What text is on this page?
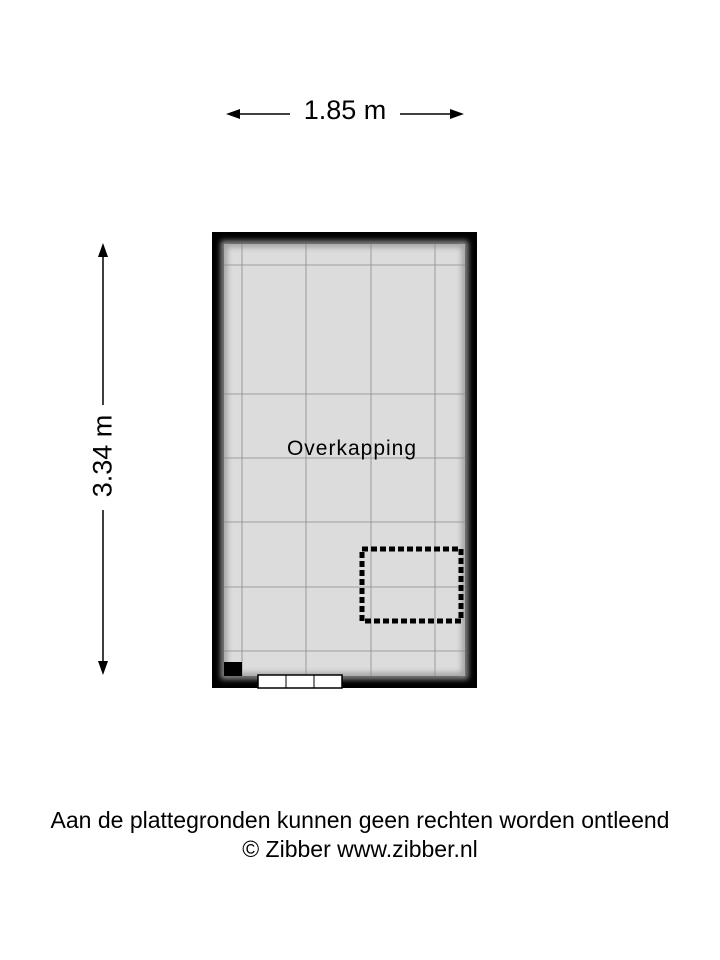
1.85 m
3.34 m	Overkapping
Aan de plattegronden kunnen geen rechten worden ontleend
© Zibber www.zibber.nl
